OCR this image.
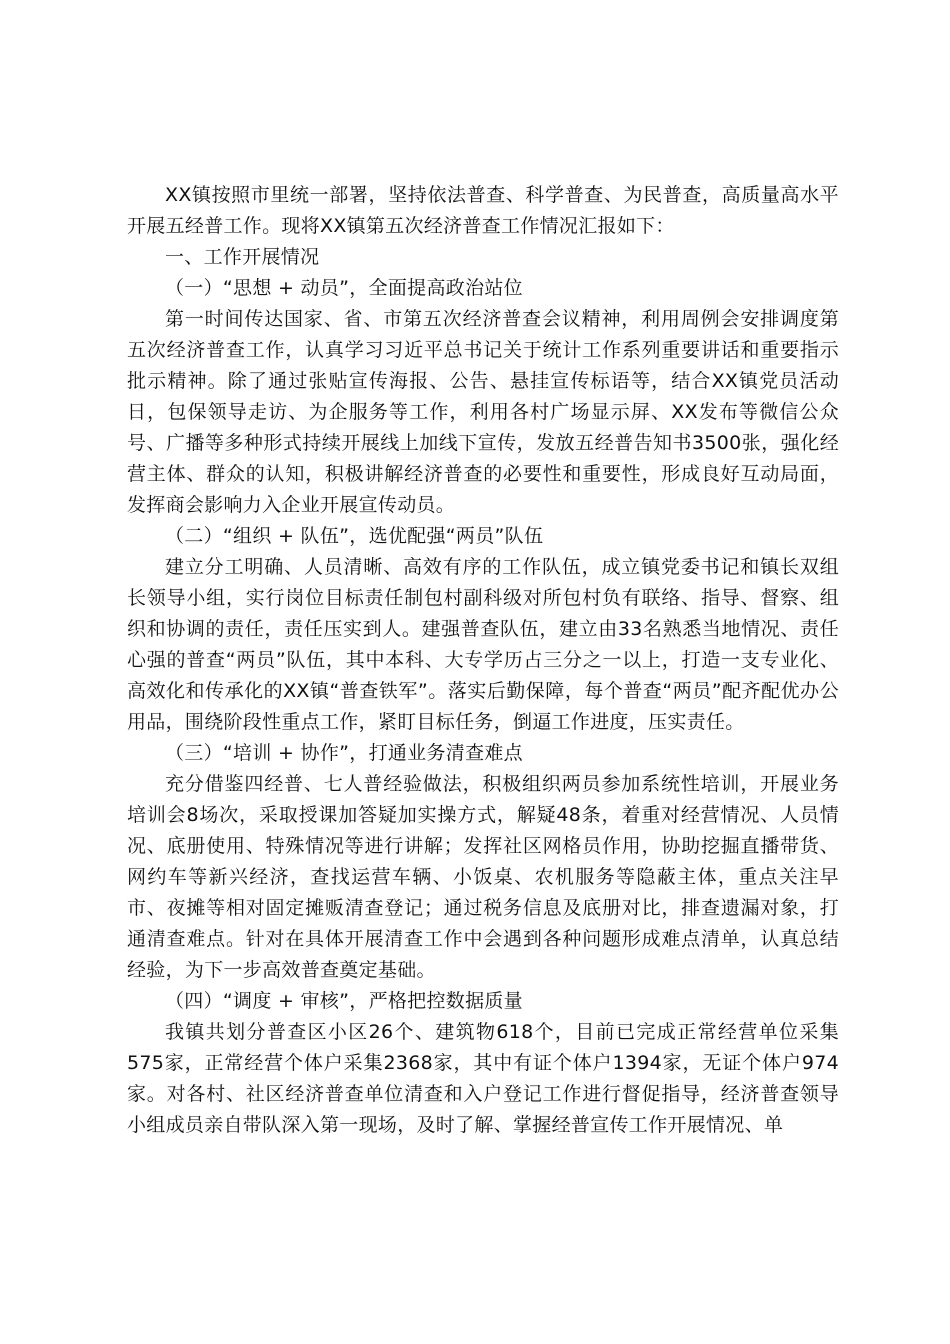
XX镇按照市里统一部署，坚持依法普查、科学普查、为民普查，高质量高水平开展五经普工作。现将XX镇第五次经济普查工作情况汇报如下：

一、工作开展情况

（一）“思想 + 动员”，全面提高政治站位

第一时间传达国家、省、市第五次经济普查会议精神，利用周例会安排调度第五次经济普查工作，认真学习习近平总书记关于统计工作系列重要讲话和重要指示批示精神。除了通过张贴宣传海报、公告、悬挂宣传标语等，结合XX镇党员活动日，包保领导走访、为企服务等工作，利用各村广场显示屏、XX发布等微信公众号、广播等多种形式持续开展线上加线下宣传，发放五经普告知书3500张，强化经营主体、群众的认知，积极讲解经济普查的必要性和重要性，形成良好互动局面，发挥商会影响力入企业开展宣传动员。

（二）“组织 + 队伍”，选优配强“两员”队伍

建立分工明确、人员清晰、高效有序的工作队伍，成立镇党委书记和镇长双组长领导小组，实行岗位目标责任制包村副科级对所包村负有联络、指导、督察、组织和协调的责任，责任压实到人。建强普查队伍，建立由33名熟悉当地情况、责任心强的普查“两员”队伍，其中本科、大专学历占三分之一以上，打造一支专业化、高效化和传承化的XX镇“普查铁军”。落实后勤保障，每个普查“两员”配齐配优办公用品，围绕阶段性重点工作，紧盯目标任务，倒逼工作进度，压实责任。

（三）“培训 + 协作”，打通业务清查难点

充分借鉴四经普、七人普经验做法，积极组织两员参加系统性培训，开展业务培训会8场次，采取授课加答疑加实操方式，解疑48条，着重对经营情况、人员情况、底册使用、特殊情况等进行讲解；发挥社区网格员作用，协助挖掘直播带货、网约车等新兴经济，查找运营车辆、小饭桌、农机服务等隐蔽主体，重点关注早市、夜摊等相对固定摊贩清查登记；通过税务信息及底册对比，排查遗漏对象，打通清查难点。针对在具体开展清查工作中会遇到各种问题形成难点清单，认真总结经验，为下一步高效普查奠定基础。

（四）“调度 + 审核”，严格把控数据质量

我镇共划分普查区小区26个、建筑物618个，目前已完成正常经营单位采集575家，正常经营个体户采集2368家，其中有证个体户1394家，无证个体户974家。对各村、社区经济普查单位清查和入户登记工作进行督促指导，经济普查领导小组成员亲自带队深入第一现场，及时了解、掌握经普宣传工作开展情况、单
